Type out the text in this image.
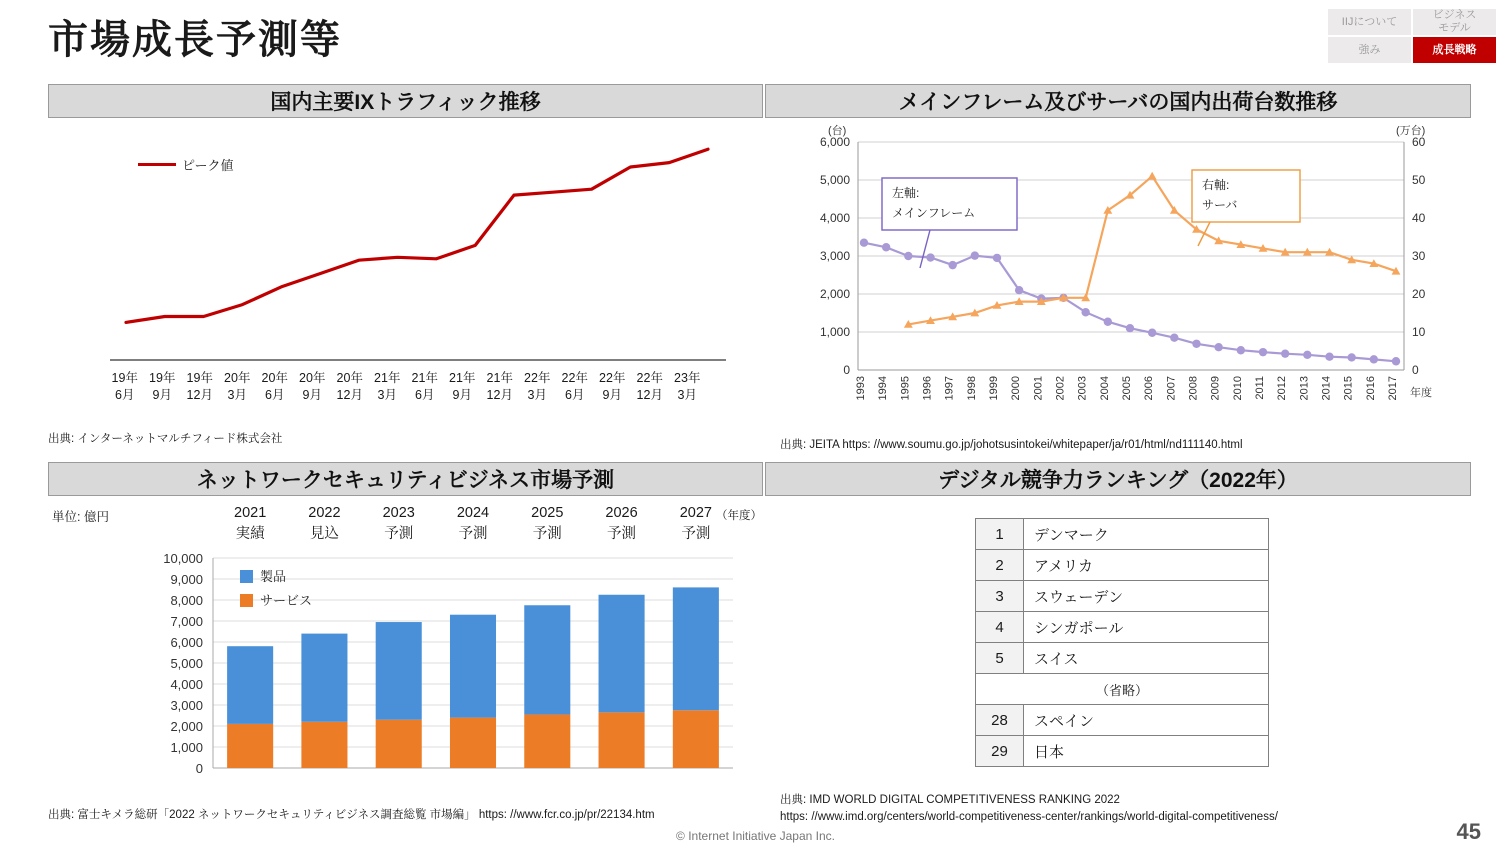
市場成長予測等	IIJについて
ビジネス
モデル
強み	成長戦略
国内主要IXトラフィック推移	メインフレーム及びサーバの国内出荷台数推移
ネットワークセキュリティビジネス市場予測	デジタル競争力ランキング（2022年）
ピーク値
19年
6月
19年
9月
19年
12月
20年
3月
20年
6月
20年
9月
20年
12月
21年
3月
21年
6月
21年
9月
21年
12月
22年
3月
22年
6月
22年
9月
22年
12月
23年
3月
出典: インターネットマルチフィード株式会社
(台)	(万台)
0
1,000
2,000
3,000
4,000
5,000
6,000
0
10
20
30
40
50
60
1993 1994 1995 1996 1997 1998 1999 2000 2001 2002 2003 2004 2005 2006 2007 2008 2009 2010 2011 2012 2013 2014 2015 2016 2017 年度
左軸:
メインフレーム
右軸:
サーバ
出典: JEITA https: //www.soumu.go.jp/johotsusintokei/whitepaper/ja/r01/html/nd111140.html
単位: 億円	2021
実績
2022
見込
2023
予測
2024
予測
2025
予測
2026
予測
2027
予測
（年度）
0
1,000
2,000
3,000
4,000
5,000
6,000
7,000
8,000
9,000
10,000
製品
サービス
出典: 富士キメラ総研「2022 ネットワークセキュリティビジネス調査総覧 市場編」 https: //www.fcr.co.jp/pr/22134.htm
1	デンマーク
2	アメリカ
3	スウェーデン
4	シンガポール
5	スイス
（省略）	
28	スペイン
29	日本
出典: IMD WORLD DIGITAL COMPETITIVENESS RANKING 2022
https: //www.imd.org/centers/world-competitiveness-center/rankings/world-digital-competitiveness/
© Internet Initiative Japan Inc.	45
